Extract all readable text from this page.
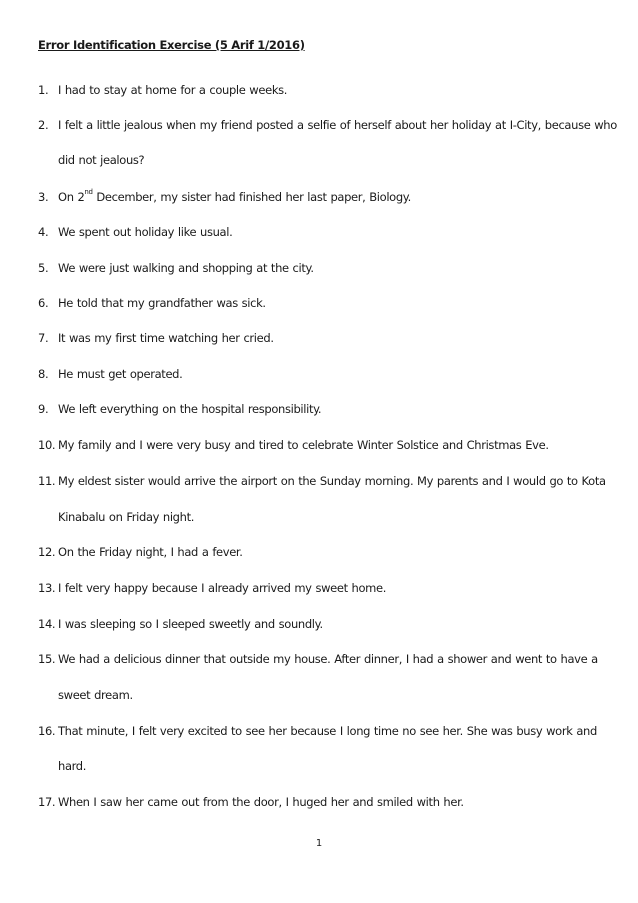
Error Identification Exercise (5 Arif 1/2016)
1. I had to stay at home for a couple weeks.
2. I felt a little jealous when my friend posted a selfie of herself about her holiday at I-City, because who
did not jealous?
3. On 2nd December, my sister had finished her last paper, Biology.
4. We spent out holiday like usual.
5. We were just walking and shopping at the city.
6. He told that my grandfather was sick.
7. It was my first time watching her cried.
8. He must get operated.
9. We left everything on the hospital responsibility.
10. My family and I were very busy and tired to celebrate Winter Solstice and Christmas Eve.
11. My eldest sister would arrive the airport on the Sunday morning. My parents and I would go to Kota
Kinabalu on Friday night.
12. On the Friday night, I had a fever.
13. I felt very happy because I already arrived my sweet home.
14. I was sleeping so I sleeped sweetly and soundly.
15. We had a delicious dinner that outside my house. After dinner, I had a shower and went to have a
sweet dream.
16. That minute, I felt very excited to see her because I long time no see her. She was busy work and
hard.
17. When I saw her came out from the door, I huged her and smiled with her.
1
